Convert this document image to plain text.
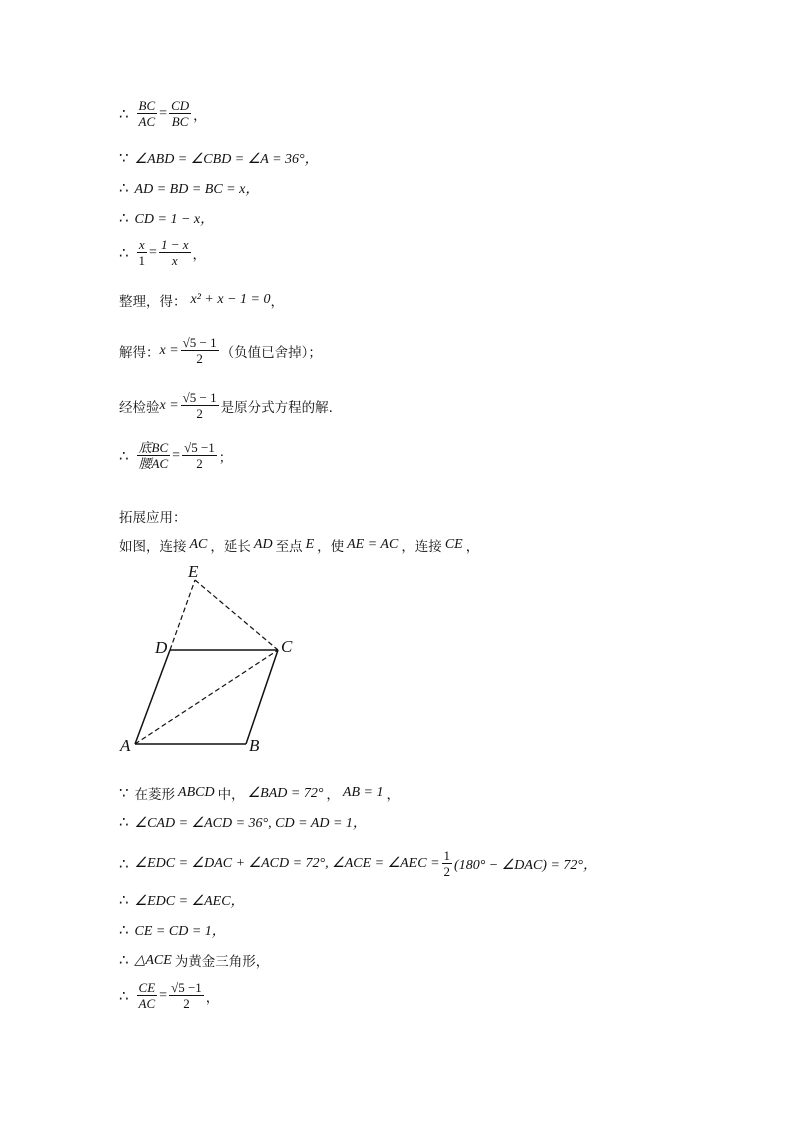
∴ $\frac{BC}{AC} = \frac{CD}{BC}$ ，
∵ ∠ABD = ∠CBD = ∠A = 36°，
∴ AD = BD = BC = x，
∴ CD = 1 − x，
∴ $\frac{x}{1} = \frac{1 - x}{x}$ ，
整理，得： x² + x − 1 = 0 ，
解得： $x = \frac{√5 - 1}{2}$ （负值已舍掉）；
经检验 $x = \frac{√5 - 1}{2}$ 是原分式方程的解.
∴ $\frac{\text{底BC}}{\text{腰AC}} = \frac{√5 -1}{2}$ ；
拓展应用：
如图，连接 AC ，延长 AD 至点 E ，使 AE = AC ，连接 CE ，
E
D	C
A	B
∵ 在菱形 ABCD 中， ∠BAD = 72° ， AB = 1 ，
∴ ∠CAD = ∠ACD = 36°, CD = AD = 1，
∴ ∠EDC = ∠DAC + ∠ACD = 72°, ∠ACE = ∠AEC = $\frac{1}{2} (180^\circ$ − ∠DAC) = 72°，
∴ ∠EDC = ∠AEC，
∴ CE = CD = 1，
∴ △ACE 为黄金三角形，
∴ $\frac{CE}{AC} = \frac{√5 -1}{2}$ ，
